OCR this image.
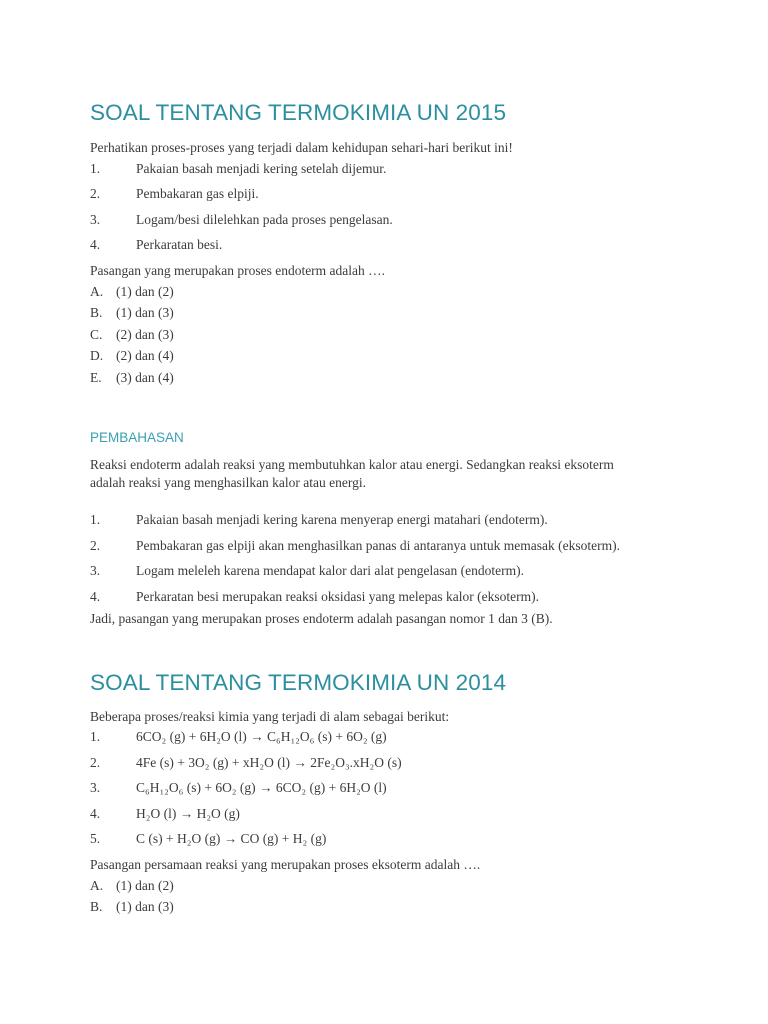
SOAL TENTANG TERMOKIMIA UN 2015
Perhatikan proses-proses yang terjadi dalam kehidupan sehari-hari berikut ini!
1.	Pakaian basah menjadi kering setelah dijemur.
2.	Pembakaran gas elpiji.
3.	Logam/besi dilelehkan pada proses pengelasan.
4.	Perkaratan besi.
Pasangan yang merupakan proses endoterm adalah ….
A. (1) dan (2)
B. (1) dan (3)
C. (2) dan (3)
D. (2) dan (4)
E. (3) dan (4)
PEMBAHASAN
Reaksi endoterm adalah reaksi yang membutuhkan kalor atau energi. Sedangkan reaksi eksoterm
adalah reaksi yang menghasilkan kalor atau energi.
1.	Pakaian basah menjadi kering karena menyerap energi matahari (endoterm).
2.	Pembakaran gas elpiji akan menghasilkan panas di antaranya untuk memasak (eksoterm).
3.	Logam meleleh karena mendapat kalor dari alat pengelasan (endoterm).
4.	Perkaratan besi merupakan reaksi oksidasi yang melepas kalor (eksoterm).
Jadi, pasangan yang merupakan proses endoterm adalah pasangan nomor 1 dan 3 (B).
SOAL TENTANG TERMOKIMIA UN 2014
Beberapa proses/reaksi kimia yang terjadi di alam sebagai berikut:
1.	6CO₂ (g) + 6H₂O (l) → C₆H₁₂O₆ (s) + 6O₂ (g)
2.	4Fe (s) + 3O₂ (g) + xH₂O (l) → 2Fe₂O₃.xH₂O (s)
3.	C₆H₁₂O₆ (s) + 6O₂ (g) → 6CO₂ (g) + 6H₂O (l)
4.	H₂O (l) → H₂O (g)
5.	C (s) + H₂O (g) → CO (g) + H₂ (g)
Pasangan persamaan reaksi yang merupakan proses eksoterm adalah ….
A. (1) dan (2)
B. (1) dan (3)
